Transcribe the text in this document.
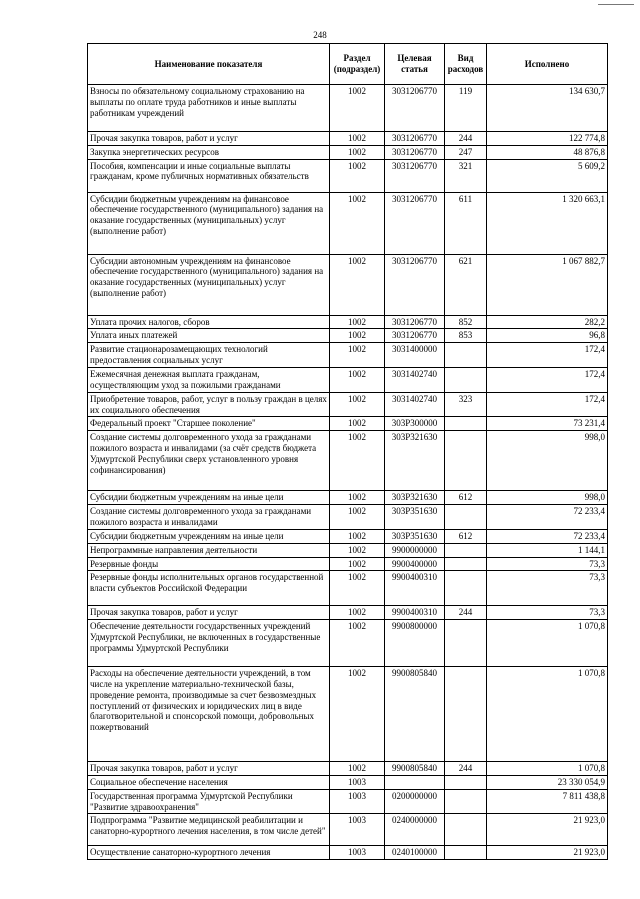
248
Наименование показателя	Раздел (подраздел)	Целевая статья	Вид расходов	Исполнено
Взносы по обязательному социальному страхованию на выплаты по оплате труда работников и иные выплаты работникам учреждений	1002	3031206770	119	134 630,7
Прочая закупка товаров, работ и услуг	1002	3031206770	244	122 774,8
Закупка энергетических ресурсов	1002	3031206770	247	48 876,8
Пособия, компенсации и иные социальные выплаты гражданам, кроме публичных нормативных обязательств	1002	3031206770	321	5 609,2
Субсидии бюджетным учреждениям на финансовое обеспечение государственного (муниципального) задания на оказание государственных (муниципальных) услуг (выполнение работ)	1002	3031206770	611	1 320 663,1
Субсидии автономным учреждениям на финансовое обеспечение государственного (муниципального) задания на оказание государственных (муниципальных) услуг (выполнение работ)	1002	3031206770	621	1 067 882,7
Уплата прочих налогов, сборов	1002	3031206770	852	282,2
Уплата иных платежей	1002	3031206770	853	96,8
Развитие стационарозамещающих технологий предоставления социальных услуг	1002	3031400000		172,4
Ежемесячная денежная выплата гражданам, осуществляющим уход за пожилыми гражданами	1002	3031402740		172,4
Приобретение товаров, работ, услуг в пользу граждан в целях их социального обеспечения	1002	3031402740	323	172,4
Федеральный проект "Старшее поколение"	1002	303P300000		73 231,4
Создание системы долговременного ухода за гражданами пожилого возраста и инвалидами (за счёт средств бюджета Удмуртской Республики сверх установленного уровня софинансирования)	1002	303P321630		998,0
Субсидии бюджетным учреждениям на иные цели	1002	303P321630	612	998,0
Создание системы долговременного ухода за гражданами пожилого возраста и инвалидами	1002	303P351630		72 233,4
Субсидии бюджетным учреждениям на иные цели	1002	303P351630	612	72 233,4
Непрограммные направления деятельности	1002	9900000000		1 144,1
Резервные фонды	1002	9900400000		73,3
Резервные фонды исполнительных органов государственной власти субъектов Российской Федерации	1002	9900400310		73,3
Прочая закупка товаров, работ и услуг	1002	9900400310	244	73,3
Обеспечение деятельности государственных учреждений Удмуртской Республики, не включенных в государственные программы Удмуртской Республики	1002	9900800000		1 070,8
Расходы на обеспечение деятельности учреждений, в том числе на укрепление материально-технической базы, проведение ремонта, производимые за счет безвозмездных поступлений от физических и юридических лиц в виде благотворительной и спонсорской помощи, добровольных пожертвований	1002	9900805840		1 070,8
Прочая закупка товаров, работ и услуг	1002	9900805840	244	1 070,8
Социальное обеспечение населения	1003			23 330 054,9
Государственная программа Удмуртской Республики "Развитие здравоохранения"	1003	0200000000		7 811 438,8
Подпрограмма "Развитие медицинской реабилитации и санаторно-курортного лечения населения, в том числе детей"	1003	0240000000		21 923,0
Осуществление санаторно-курортного лечения	1003	0240100000		21 923,0
